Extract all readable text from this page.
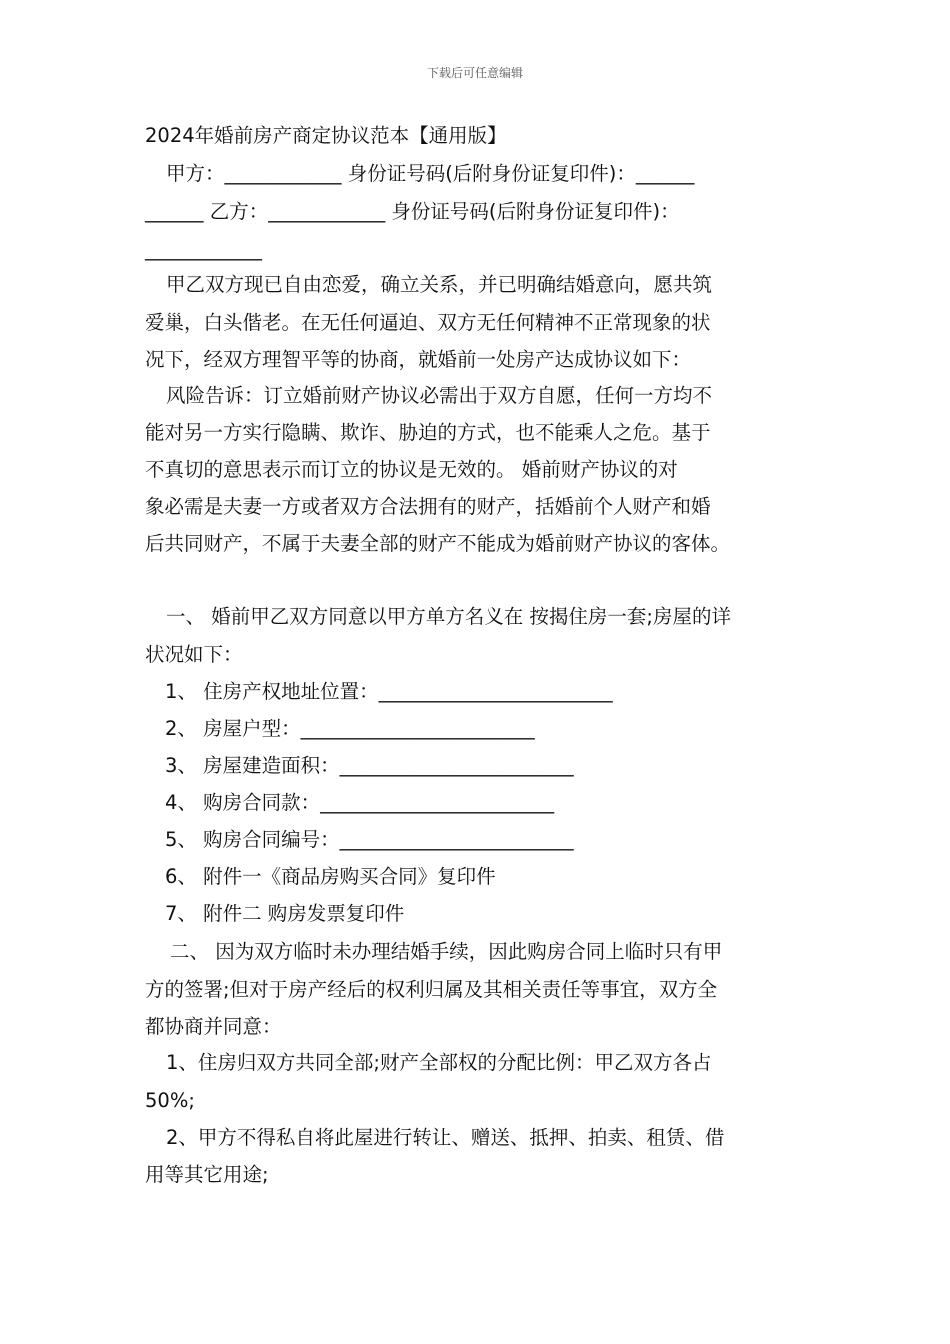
下载后可任意编辑
2024年婚前房产商定协议范本【通用版】
甲方：____________ 身份证号码(后附身份证复印件)：______
______ 乙方：____________ 身份证号码(后附身份证复印件)：
____________
甲乙双方现已自由恋爱，确立关系，并已明确结婚意向，愿共筑
爱巢，白头偕老。在无任何逼迫、双方无任何精神不正常现象的状
况下，经双方理智平等的协商，就婚前一处房产达成协议如下：
风险告诉：订立婚前财产协议必需出于双方自愿，任何一方均不
能对另一方实行隐瞒、欺诈、胁迫的方式，也不能乘人之危。基于
不真切的意思表示而订立的协议是无效的。 婚前财产协议的对
象必需是夫妻一方或者双方合法拥有的财产，括婚前个人财产和婚
后共同财产，不属于夫妻全部的财产不能成为婚前财产协议的客体。
一、 婚前甲乙双方同意以甲方单方名义在 按揭住房一套;房屋的详
状况如下：
1、 住房产权地址位置：________________________
2、 房屋户型：________________________
3、 房屋建造面积：________________________
4、 购房合同款：________________________
5、 购房合同编号：________________________
6、 附件一《商品房购买合同》复印件
7、 附件二 购房发票复印件
二、 因为双方临时未办理结婚手续，因此购房合同上临时只有甲
方的签署;但对于房产经后的权利归属及其相关责任等事宜，双方全
都协商并同意：
1、住房归双方共同全部;财产全部权的分配比例：甲乙双方各占
50%;
2、甲方不得私自将此屋进行转让、赠送、抵押、拍卖、租赁、借
用等其它用途;
